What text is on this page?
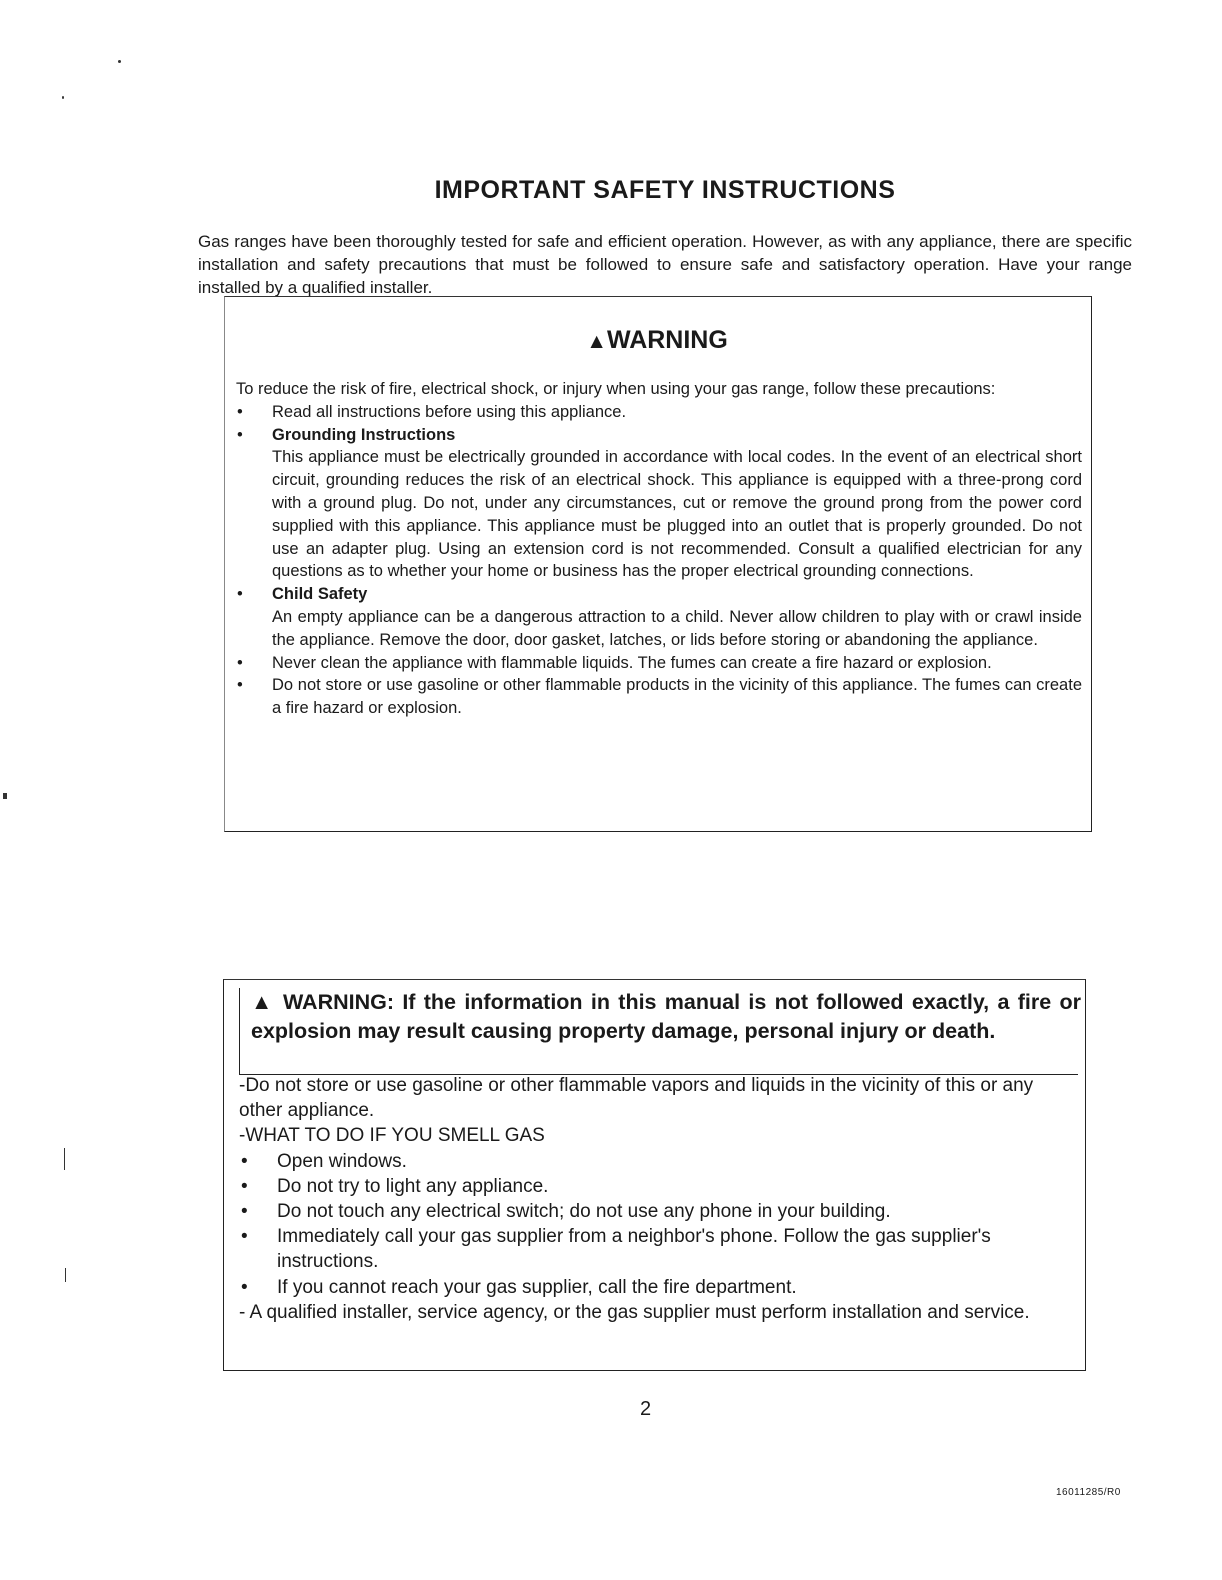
IMPORTANT SAFETY INSTRUCTIONS
Gas ranges have been thoroughly tested for safe and efficient operation. However, as with any appliance, there are specific installation and safety precautions that must be followed to ensure safe and satisfactory operation. Have your range installed by a qualified installer.
▲WARNING

To reduce the risk of fire, electrical shock, or injury when using your gas range, follow these precautions:

• Read all instructions before using this appliance.
• Grounding Instructions
This appliance must be electrically grounded in accordance with local codes. In the event of an electrical short circuit, grounding reduces the risk of an electrical shock. This appliance is equipped with a three-prong cord with a ground plug. Do not, under any circumstances, cut or remove the ground prong from the power cord supplied with this appliance. This appliance must be plugged into an outlet that is properly grounded. Do not use an adapter plug. Using an extension cord is not recommended. Consult a qualified electrician for any questions as to whether your home or business has the proper electrical grounding connections.
• Child Safety
An empty appliance can be a dangerous attraction to a child. Never allow children to play with or crawl inside the appliance. Remove the door, door gasket, latches, or lids before storing or abandoning the appliance.
• Never clean the appliance with flammable liquids. The fumes can create a fire hazard or explosion.
• Do not store or use gasoline or other flammable products in the vicinity of this appliance. The fumes can create a fire hazard or explosion.
▲ WARNING: If the information in this manual is not followed exactly, a fire or explosion may result causing property damage, personal injury or death.

-Do not store or use gasoline or other flammable vapors and liquids in the vicinity of this or any other appliance.

-WHAT TO DO IF YOU SMELL GAS

• Open windows.
• Do not try to light any appliance.
• Do not touch any electrical switch; do not use any phone in your building.
• Immediately call your gas supplier from a neighbor's phone. Follow the gas supplier's instructions.
• If you cannot reach your gas supplier, call the fire department.

- A qualified installer, service agency, or the gas supplier must perform installation and service.

2
16011285/R0
